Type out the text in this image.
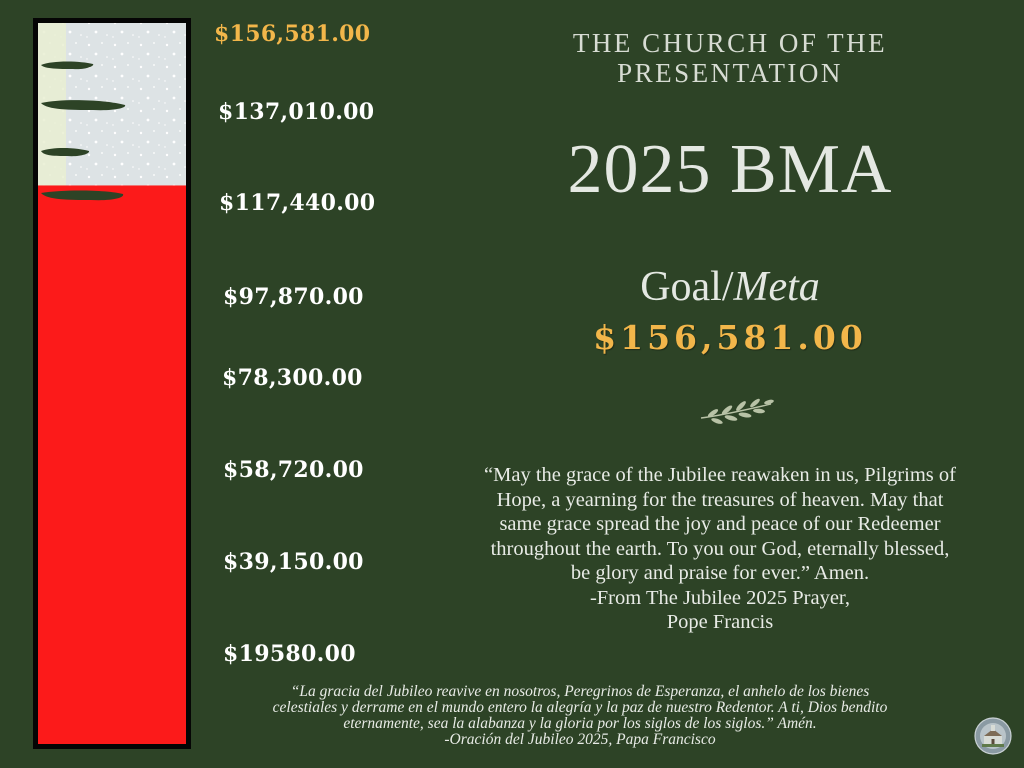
$156,581.00
$137,010.00
$117,440.00
$97,870.00
$78,300.00
$58,720.00
$39,150.00
$19580.00
THE CHURCH OF THE
PRESENTATION
2025 BMA
Goal/Meta
$156,581.00
“May the grace of the Jubilee reawaken in us, Pilgrims of
Hope, a yearning for the treasures of heaven. May that
same grace spread the joy and peace of our Redeemer
throughout the earth. To you our God, eternally blessed,
be glory and praise for ever.” Amen.
-From The Jubilee 2025 Prayer,
Pope Francis
“La gracia del Jubileo reavive en nosotros, Peregrinos de Esperanza, el anhelo de los bienes
celestiales y derrame en el mundo entero la alegría y la paz de nuestro Redentor. A ti, Dios bendito
eternamente, sea la alabanza y la gloria por los siglos de los siglos.” Amén.
-Oración del Jubileo 2025, Papa Francisco
